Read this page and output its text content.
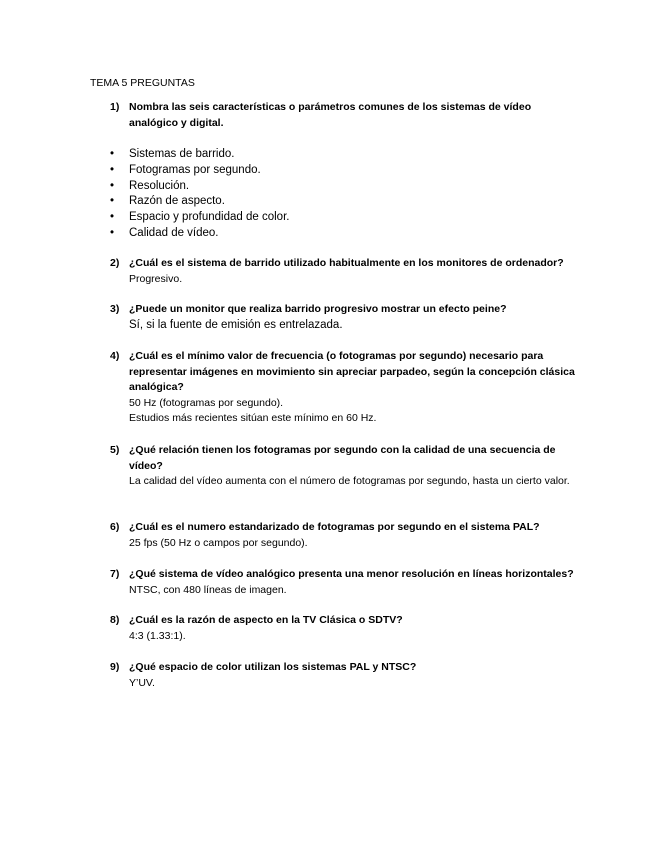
TEMA 5 PREGUNTAS
1) Nombra las seis características o parámetros comunes de los sistemas de vídeo analógico y digital.
• Sistemas de barrido.
• Fotogramas por segundo.
• Resolución.
• Razón de aspecto.
• Espacio y profundidad de color.
• Calidad de vídeo.
2) ¿Cuál es el sistema de barrido utilizado habitualmente en los monitores de ordenador?
Progresivo.
3) ¿Puede un monitor que realiza barrido progresivo mostrar un efecto peine?
Sí, si la fuente de emisión es entrelazada.
4) ¿Cuál es el mínimo valor de frecuencia (o fotogramas por segundo) necesario para representar imágenes en movimiento sin apreciar parpadeo, según la concepción clásica analógica?
50 Hz (fotogramas por segundo).
Estudios más recientes sitúan este mínimo en 60 Hz.
5) ¿Qué relación tienen los fotogramas por segundo con la calidad de una secuencia de vídeo?
La calidad del vídeo aumenta con el número de fotogramas por segundo, hasta un cierto valor.
6) ¿Cuál es el numero estandarizado de fotogramas por segundo en el sistema PAL?
25 fps (50 Hz o campos por segundo).
7) ¿Qué sistema de vídeo analógico presenta una menor resolución en líneas horizontales?
NTSC, con 480 líneas de imagen.
8) ¿Cuál es la razón de aspecto en la TV Clásica o SDTV?
4:3 (1.33:1).
9) ¿Qué espacio de color utilizan los sistemas PAL y NTSC?
Y’UV.
